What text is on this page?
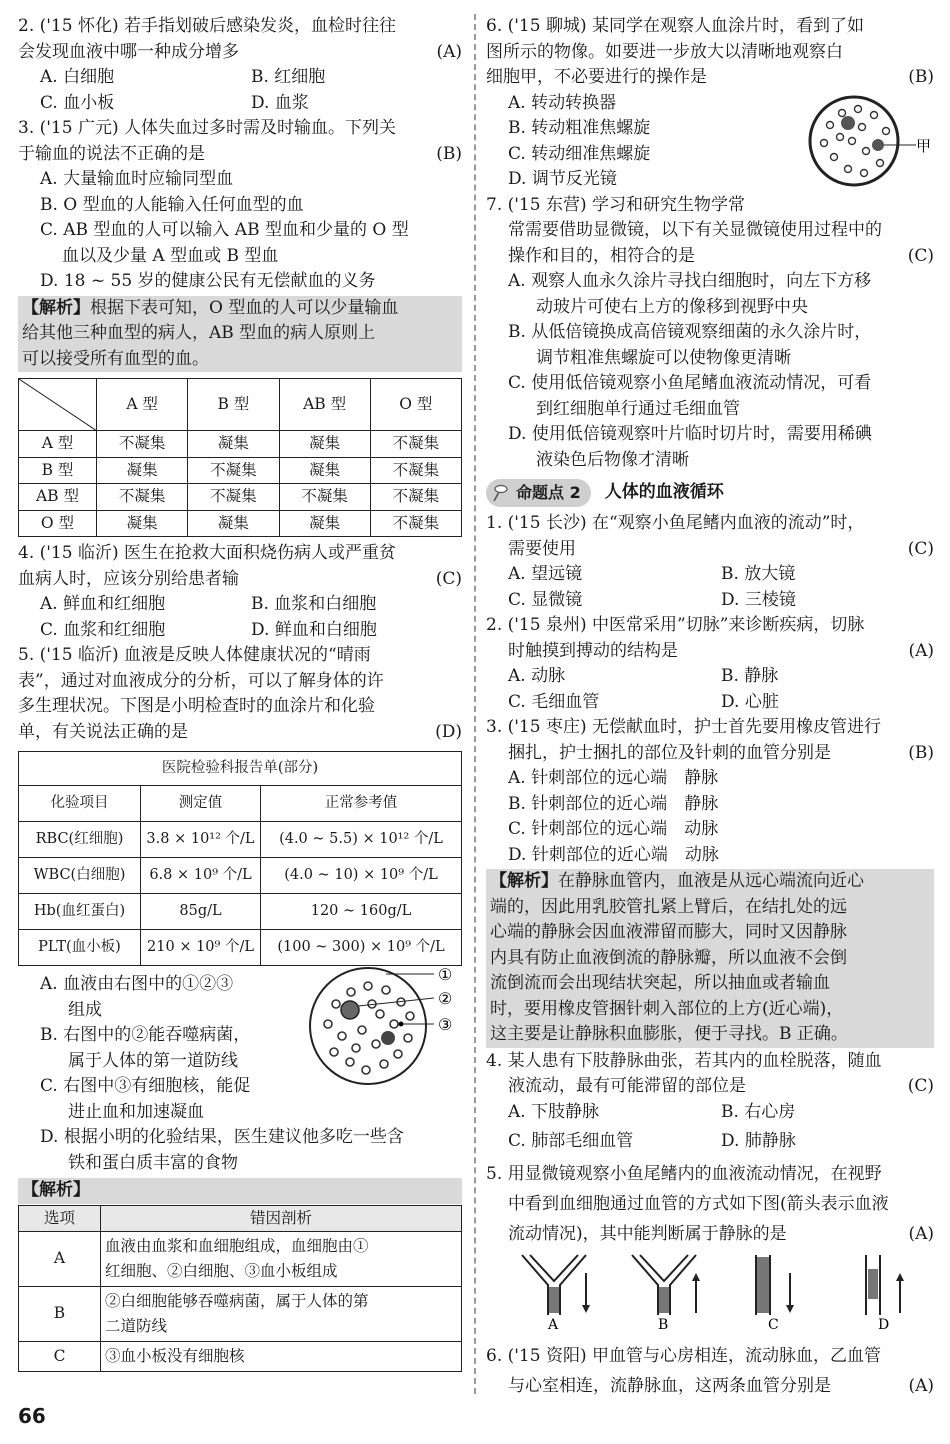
2. ('15 怀化) 若手指划破后感染发炎，血检时往往
会发现血液中哪一种成分增多	(A)
A. 白细胞	B. 红细胞
C. 血小板	D. 血浆
3. ('15 广元) 人体失血过多时需及时输血。下列关
于输血的说法不正确的是	(B)
A. 大量输血时应输同型血
B. O 型血的人能输入任何血型的血
C. AB 型血的人可以输入 AB 型血和少量的 O 型
血以及少量 A 型血或 B 型血
D. 18 ~ 55 岁的健康公民有无偿献血的义务
【解析】根据下表可知，O 型血的人可以少量输血
给其他三种血型的病人，AB 型血的病人原则上
可以接受所有血型的血。
	A 型	B 型	AB 型	O 型
A 型	不凝集	凝集	凝集	不凝集
B 型	凝集	不凝集	凝集	不凝集
AB 型	不凝集	不凝集	不凝集	不凝集
O 型	凝集	凝集	凝集	不凝集
4. ('15 临沂) 医生在抢救大面积烧伤病人或严重贫
血病人时，应该分别给患者输	(C)
A. 鲜血和红细胞	B. 血浆和白细胞
C. 血浆和红细胞	D. 鲜血和白细胞
5. ('15 临沂) 血液是反映人体健康状况的“晴雨
表”，通过对血液成分的分析，可以了解身体的许
多生理状况。下图是小明检查时的血涂片和化验
单，有关说法正确的是	(D)
医院检验科报告单(部分)		
化验项目	测定值	正常参考值
RBC(红细胞)	3.8 × 10¹² 个/L	(4.0 ~ 5.5) × 10¹² 个/L
WBC(白细胞)	6.8 × 10⁹ 个/L	(4.0 ~ 10) × 10⁹ 个/L
Hb(血红蛋白)	85g/L	120 ~ 160g/L
PLT(血小板)	210 × 10⁹ 个/L	(100 ~ 300) × 10⁹ 个/L
A. 血液由右图中的①②③
组成
B. 右图中的②能吞噬病菌，
属于人体的第一道防线
C. 右图中③有细胞核，能促
进止血和加速凝血
①
②
③
D. 根据小明的化验结果，医生建议他多吃一些含
铁和蛋白质丰富的食物
【解析】
选项	错因剖析
A	血液由血浆和血细胞组成，血细胞由①
红细胞、②白细胞、③血小板组成
B	②白细胞能够吞噬病菌，属于人体的第
二道防线
C	③血小板没有细胞核
6. ('15 聊城) 某同学在观察人血涂片时，看到了如
图所示的物像。如要进一步放大以清晰地观察白
细胞甲，不必要进行的操作是	(B)
A. 转动转换器
B. 转动粗准焦螺旋
C. 转动细准焦螺旋
D. 调节反光镜
甲
7. ('15 东营) 学习和研究生物学常
常需要借助显微镜，以下有关显微镜使用过程中的
操作和目的，相符合的是	(C)
A. 观察人血永久涂片寻找白细胞时，向左下方移
动玻片可使右上方的像移到视野中央
B. 从低倍镜换成高倍镜观察细菌的永久涂片时，
调节粗准焦螺旋可以使物像更清晰
C. 使用低倍镜观察小鱼尾鳍血液流动情况，可看
到红细胞单行通过毛细血管
D. 使用低倍镜观察叶片临时切片时，需要用稀碘
液染色后物像才清晰
命题点 2	人体的血液循环
1. ('15 长沙) 在“观察小鱼尾鳍内血液的流动”时，
需要使用	(C)
A. 望远镜	B. 放大镜
C. 显微镜	D. 三棱镜
2. ('15 泉州) 中医常采用”切脉”来诊断疾病，切脉
时触摸到搏动的结构是	(A)
A. 动脉	B. 静脉
C. 毛细血管	D. 心脏
3. ('15 枣庄) 无偿献血时，护士首先要用橡皮管进行
捆扎，护士捆扎的部位及针刺的血管分别是	(B)
A. 针刺部位的远心端　静脉
B. 针刺部位的近心端　静脉
C. 针刺部位的远心端　动脉
D. 针刺部位的近心端　动脉
【解析】在静脉血管内，血液是从远心端流向近心
端的，因此用乳胶管扎紧上臂后，在结扎处的远
心端的静脉会因血液滞留而膨大，同时又因静脉
内具有防止血液倒流的静脉瓣，所以血液不会倒
流倒流而会出现结状突起，所以抽血或者输血
时，要用橡皮管捆针刺入部位的上方(近心端)，
这主要是让静脉积血膨胀，便于寻找。B 正确。
4. 某人患有下肢静脉曲张，若其内的血栓脱落，随血
液流动，最有可能滞留的部位是	(C)
A. 下肢静脉	B. 右心房
C. 肺部毛细血管	D. 肺静脉
5. 用显微镜观察小鱼尾鳍内的血液流动情况，在视野
中看到血细胞通过血管的方式如下图(箭头表示血液
流动情况)，其中能判断属于静脉的是	(A)
A	B	C	D
6. ('15 资阳) 甲血管与心房相连，流动脉血，乙血管
与心室相连，流静脉血，这两条血管分别是	(A)
66
